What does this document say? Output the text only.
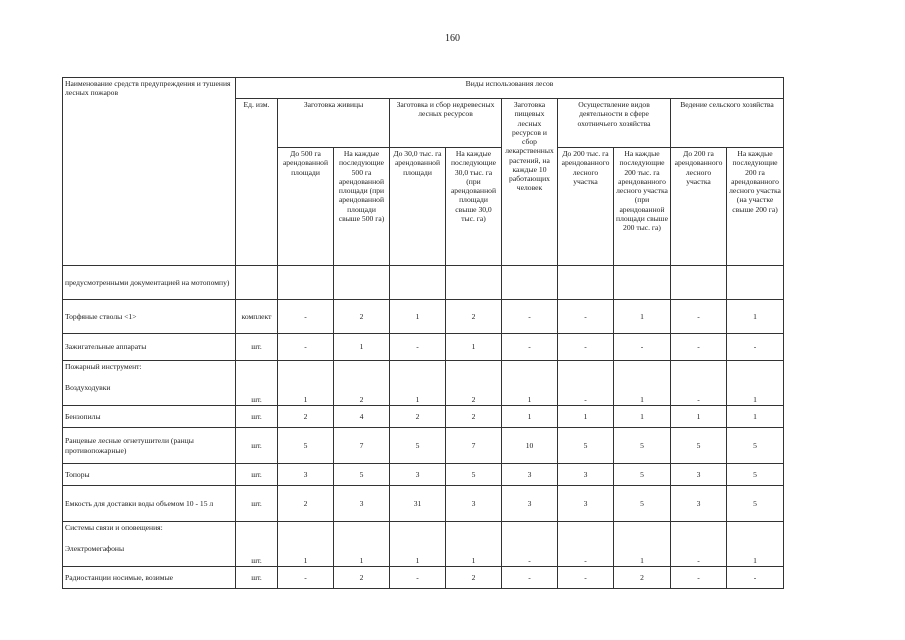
160
Наименование средств предупреждения и тушения лесных пожаров	Виды использования лесов									
	Ед. изм.	Заготовка живицы		Заготовка и сбор недревесных лесных ресурсов		Заготовка пищевых лесных ресурсов и сбор лекарственных растений, на каждые 10 работающих человек	Осуществление видов деятельности в сфере охотничьего хозяйства		Ведение сельского хозяйства	
		До 500 га арендованной площади	На каждые последующие 500 га арендованной площади (при арендованной площади свыше 500 га)	До 30,0 тыс. га арендованной площади	На каждые последующие 30,0 тыс. га (при арендованной площади свыше 30,0 тыс. га)		До 200 тыс. га арендованного лесного участка	На каждые последующие 200 тыс. га арендованного лесного участка (при арендованной площади свыше 200 тыс. га)	До 200 га арендованного лесного участка	На каждые последующие 200 га арендованного лесного участка (на участке свыше 200 га)

предусмотренными документацией на мотопомпу)										
Торфяные стволы <1>	комплект	-	2	1	2	-	-	1	-	1
Зажигательные аппараты	шт.	-	1	-	1	-	-	-	-	-

Пожарный инструмент:
Воздуходувки	шт.	1	2	1	2	1	-	1	-	1
Бензопилы	шт.	2	4	2	2	1	1	1	1	1
Ранцевые лесные огнетушители (ранцы противопожарные)	шт.	5	7	5	7	10	5	5	5	5
Топоры	шт.	3	5	3	5	3	3	5	3	5
Емкость для доставки воды объемом 10 - 15 л	шт.	2	3	31	3	3	3	5	3	5

Системы связи и оповещения:
Электромегафоны	шт.	1	1	1	1	-	-	1	-	1
Радиостанции носимые, возимые	шт.	-	2	-	2	-	-	2	-	-
